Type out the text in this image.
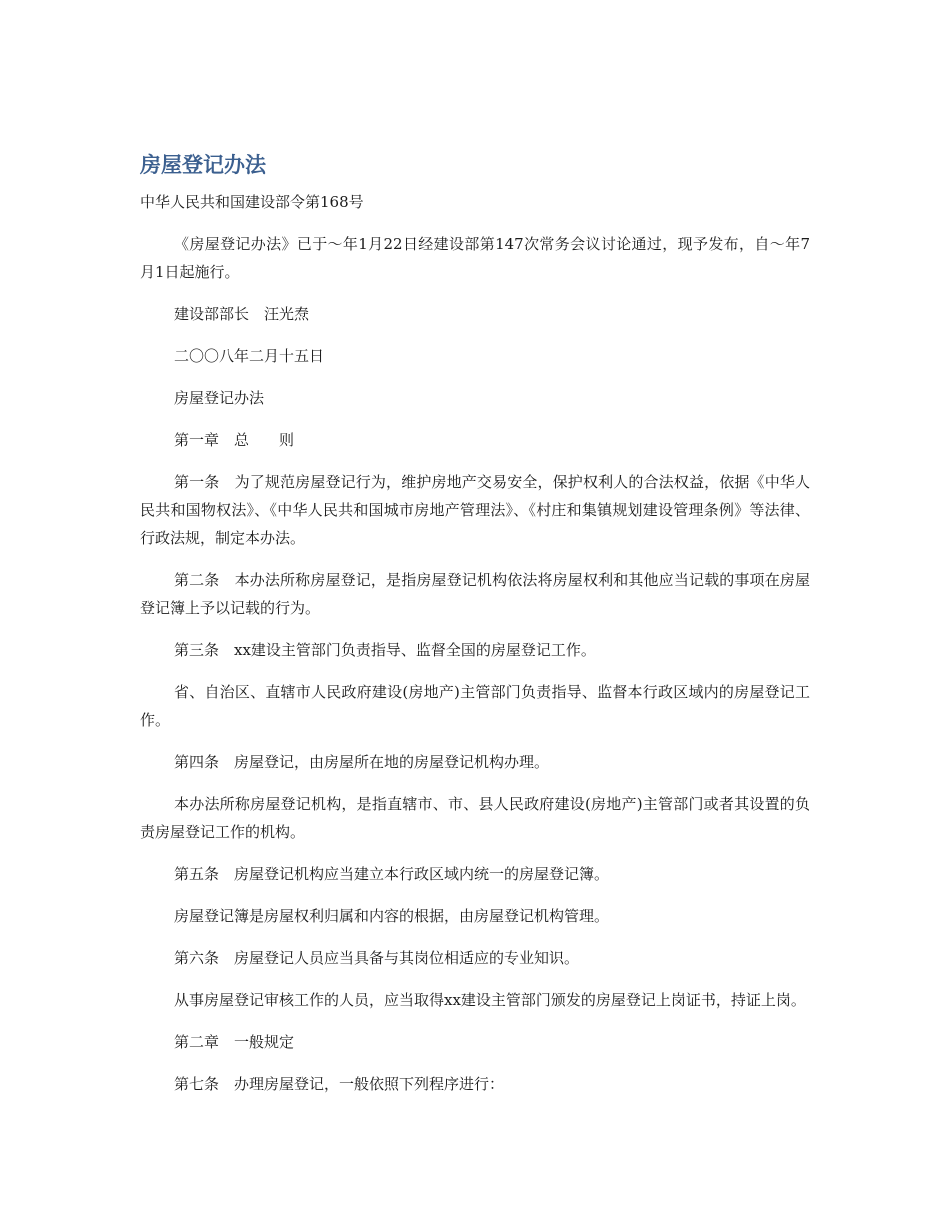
房屋登记办法
中华人民共和国建设部令第168号

《房屋登记办法》已于～年1月22日经建设部第147次常务会议讨论通过，现予发布，自～年7月1日起施行。

建设部部长　汪光焘

二〇〇八年二月十五日

房屋登记办法

第一章　总　　则

第一条　为了规范房屋登记行为，维护房地产交易安全，保护权利人的合法权益，依据《中华人民共和国物权法》、《中华人民共和国城市房地产管理法》、《村庄和集镇规划建设管理条例》等法律、行政法规，制定本办法。

第二条　本办法所称房屋登记，是指房屋登记机构依法将房屋权利和其他应当记载的事项在房屋登记簿上予以记载的行为。

第三条　xx建设主管部门负责指导、监督全国的房屋登记工作。

省、自治区、直辖市人民政府建设(房地产)主管部门负责指导、监督本行政区域内的房屋登记工作。

第四条　房屋登记，由房屋所在地的房屋登记机构办理。

本办法所称房屋登记机构，是指直辖市、市、县人民政府建设(房地产)主管部门或者其设置的负责房屋登记工作的机构。

第五条　房屋登记机构应当建立本行政区域内统一的房屋登记簿。

房屋登记簿是房屋权利归属和内容的根据，由房屋登记机构管理。

第六条　房屋登记人员应当具备与其岗位相适应的专业知识。

从事房屋登记审核工作的人员，应当取得xx建设主管部门颁发的房屋登记上岗证书，持证上岗。

第二章　一般规定

第七条　办理房屋登记，一般依照下列程序进行：
